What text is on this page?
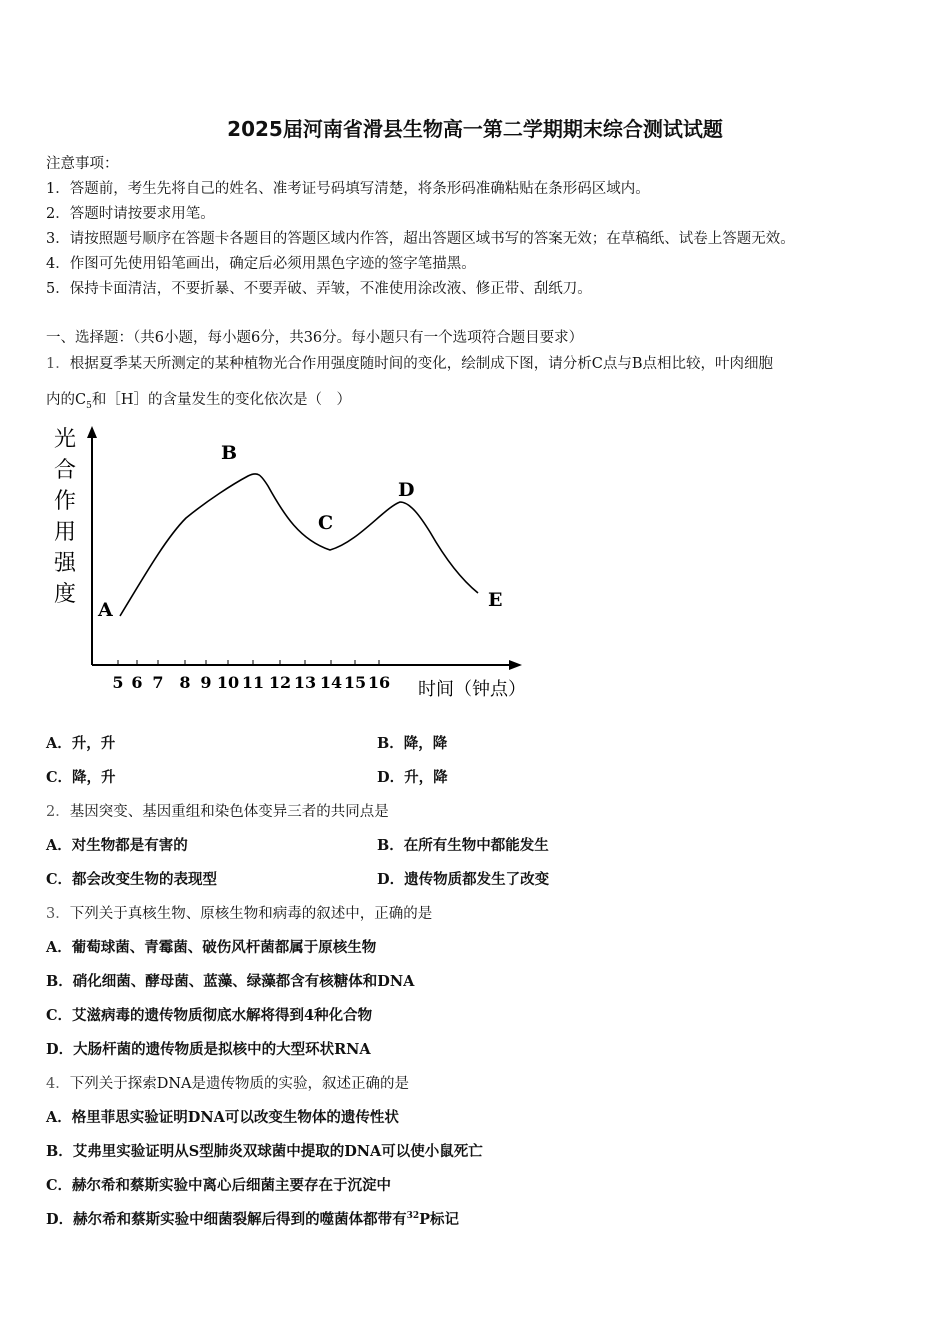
2025届河南省滑县生物高一第二学期期末综合测试试题
注意事项：
1．答题前，考生先将自己的姓名、准考证号码填写清楚，将条形码准确粘贴在条形码区域内。
2．答题时请按要求用笔。
3．请按照题号顺序在答题卡各题目的答题区域内作答，超出答题区域书写的答案无效；在草稿纸、试卷上答题无效。
4．作图可先使用铅笔画出，确定后必须用黑色字迹的签字笔描黑。
5．保持卡面清洁，不要折暴、不要弄破、弄皱，不准使用涂改液、修正带、刮纸刀。
一、选择题：（共6小题，每小题6分，共36分。每小题只有一个选项符合题目要求）
1．根据夏季某天所测定的某种植物光合作用强度随时间的变化，绘制成下图，请分析C点与B点相比较，叶肉细胞
内的$C_5$和［H］的含量发生的变化依次是（　）
光
合
作
用
强
度
5 6 7 8 9 10 11 12 13 14 15 16
A
B
C
D
E
时间（钟点）
A．升，升	B．降，降
C．降，升	D．升，降
2．基因突变、基因重组和染色体变异三者的共同点是
A．对生物都是有害的	B．在所有生物中都能发生
C．都会改变生物的表现型	D．遗传物质都发生了改变
3．下列关于真核生物、原核生物和病毒的叙述中，正确的是
A．葡萄球菌、青霉菌、破伤风杆菌都属于原核生物
B．硝化细菌、酵母菌、蓝藻、绿藻都含有核糖体和DNA
C．艾滋病毒的遗传物质彻底水解将得到4种化合物
D．大肠杆菌的遗传物质是拟核中的大型环状RNA
4．下列关于探索DNA是遗传物质的实验，叙述正确的是
A．格里菲思实验证明DNA可以改变生物体的遗传性状
B．艾弗里实验证明从S型肺炎双球菌中提取的DNA可以使小鼠死亡
C．赫尔希和蔡斯实验中离心后细菌主要存在于沉淀中
D．赫尔希和蔡斯实验中细菌裂解后得到的噬菌体都带有$^{32}$P标记
